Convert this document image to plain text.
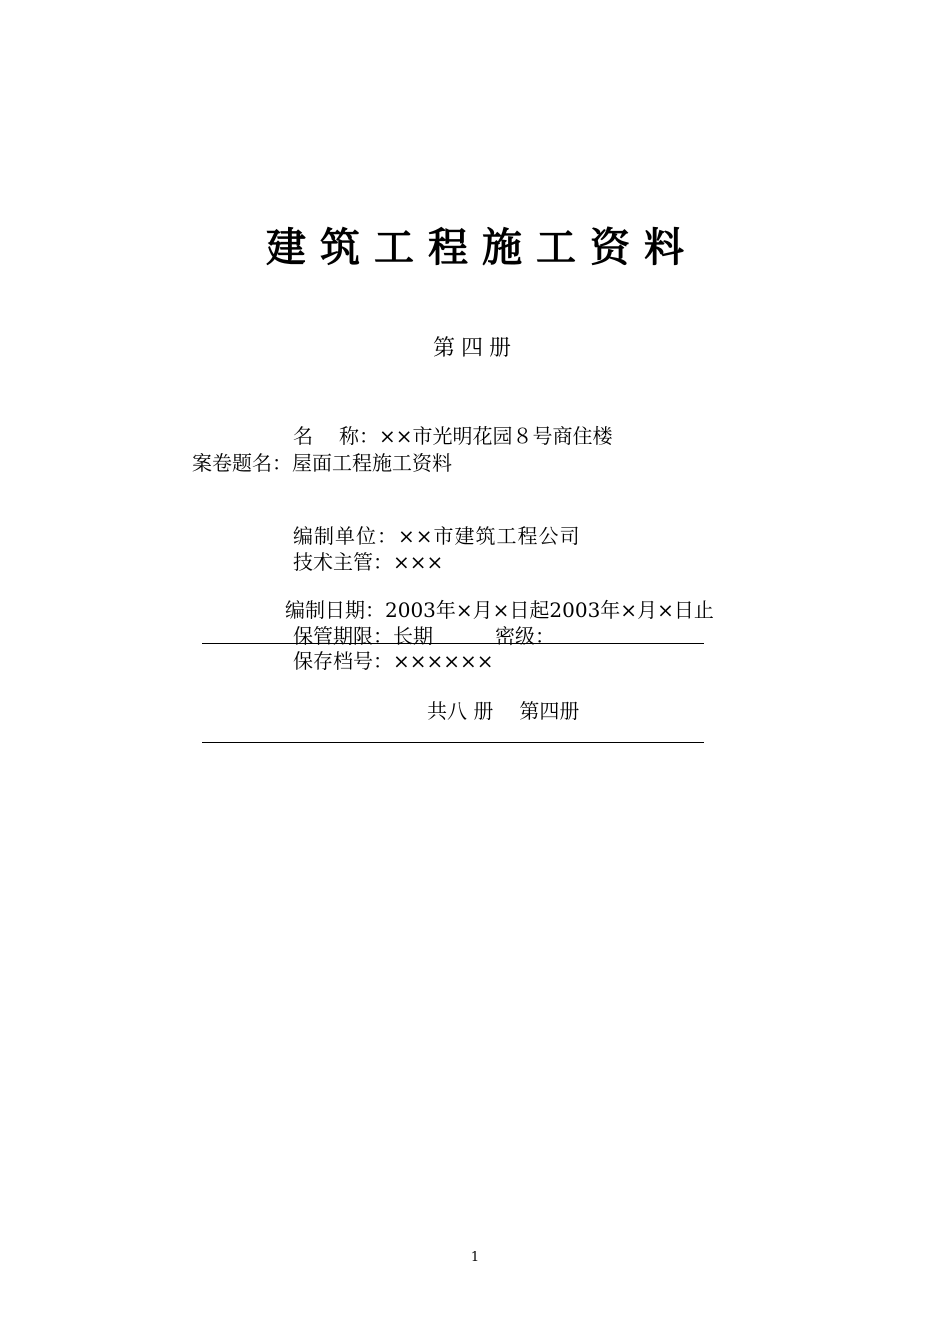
建筑工程施工资料
第四册
名 称：××市光明花园８号商住楼
案卷题名：屋面工程施工资料
编制单位：××市建筑工程公司
技术主管：×××
编制日期：2003年×月×日起2003年×月×日止
保管期限：长期	密级：
保存档号：××××××
共八 册 第四册
1
